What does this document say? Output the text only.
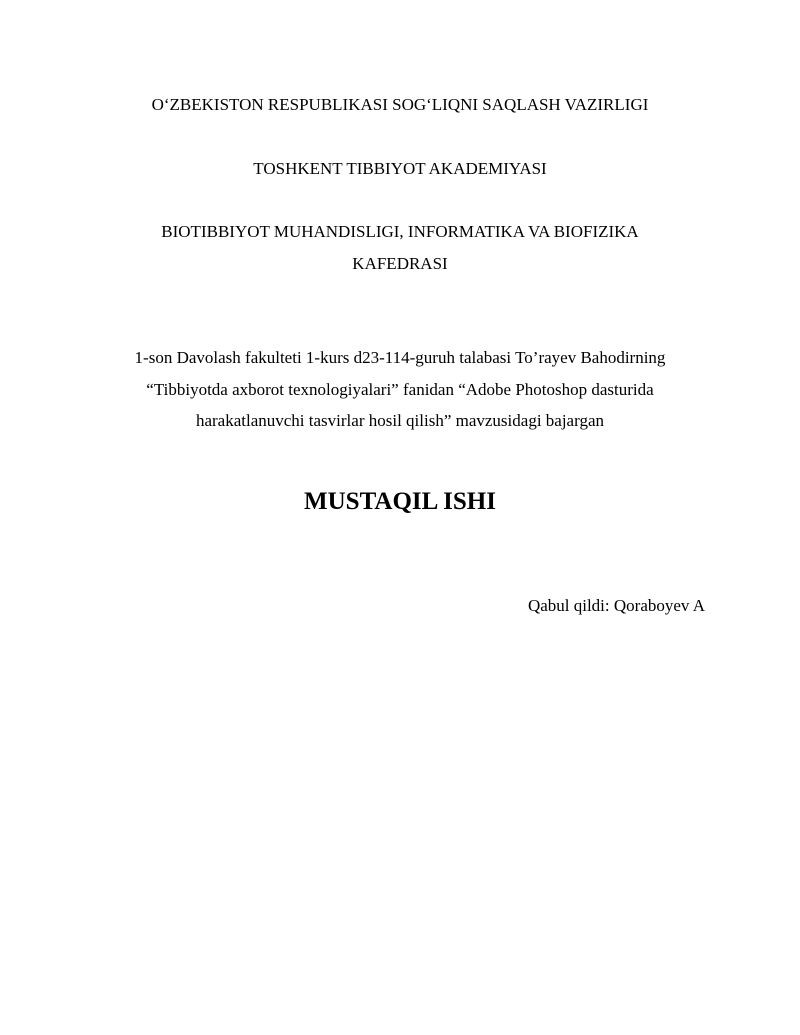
O‘ZBEKISTON RESPUBLIKASI SOG‘LIQNI SAQLASH VAZIRLIGI
TOSHKENT TIBBIYOT AKADEMIYASI
BIOTIBBIYOT MUHANDISLIGI, INFORMATIKA VA BIOFIZIKA
KAFEDRASI
1-son Davolash fakulteti 1-kurs d23-114-guruh talabasi To’rayev Bahodirning
“Tibbiyotda axborot texnologiyalari” fanidan “Adobe Photoshop dasturida
harakatlanuvchi tasvirlar hosil qilish” mavzusidagi bajargan
MUSTAQIL ISHI
Qabul qildi: Qoraboyev A
